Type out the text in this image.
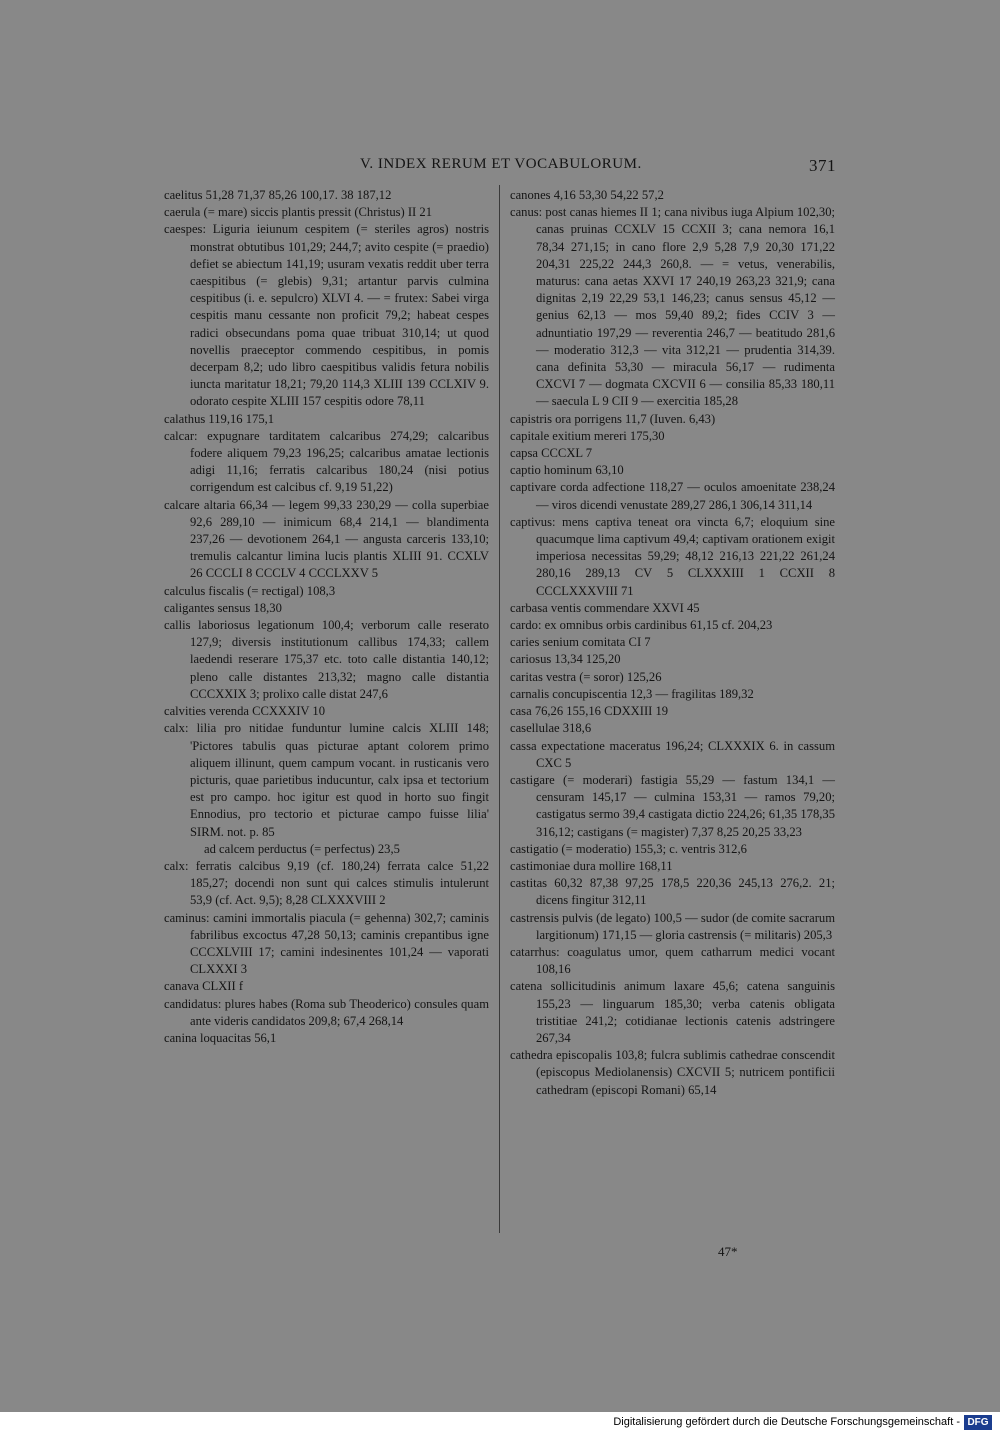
V. INDEX RERUM ET VOCABULORUM.	371

caelitus 51,28 71,37 85,26 100,17. 38 187,12

caerula (= mare) siccis plantis pressit (Christus) II 21

caespes: Liguria ieiunum cespitem (= steriles agros) nostris monstrat obtutibus 101,29; 244,7; avito cespite (= praedio) defiet se abiectum 141,19; usuram vexatis reddit uber terra caespitibus (= glebis) 9,31; artantur parvis culmina cespitibus (i. e. sepulcro) XLVI 4. — = frutex: Sabei virga cespitis manu cessante non proficit 79,2; habeat cespes radici obsecundans poma quae tribuat 310,14; ut quod novellis praeceptor commendo cespitibus, in pomis decerpam 8,2; udo libro caespitibus validis fetura nobilis iuncta maritatur 18,21; 79,20 114,3 XLIII 139 CCLXIV 9. odorato cespite XLIII 157 cespitis odore 78,11

calathus 119,16 175,1

calcar: expugnare tarditatem calcaribus 274,29; calcaribus fodere aliquem 79,23 196,25; calcaribus amatae lectionis adigi 11,16; ferratis calcaribus 180,24 (nisi potius corrigendum est calcibus cf. 9,19 51,22)

calcare altaria 66,34 — legem 99,33 230,29 — colla superbiae 92,6 289,10 — inimicum 68,4 214,1 — blandimenta 237,26 — devotionem 264,1 — angusta carceris 133,10; tremulis calcantur limina lucis plantis XLIII 91. CCXLV 26 CCCLI 8 CCCLV 4 CCCLXXV 5

calculus fiscalis (= rectigal) 108,3

caligantes sensus 18,30

callis laboriosus legationum 100,4; verborum calle reserato 127,9; diversis institutionum callibus 174,33; callem laedendi reserare 175,37 etc. toto calle distantia 140,12; pleno calle distantes 213,32; magno calle distantia CCCXXIX 3; prolixo calle distat 247,6

calvities verenda CCXXXIV 10

calx: lilia pro nitidae funduntur lumine calcis XLIII 148; 'Pictores tabulis quas picturae aptant colorem primo aliquem illinunt, quem campum vocant. in rusticanis vero picturis, quae parietibus inducuntur, calx ipsa et tectorium est pro campo. hoc igitur est quod in horto suo fingit Ennodius, pro tectorio et picturae campo fuisse lilia' SIRM. not. p. 85

ad calcem perductus (= perfectus) 23,5

calx: ferratis calcibus 9,19 (cf. 180,24) ferrata calce 51,22 185,27; docendi non sunt qui calces stimulis intulerunt 53,9 (cf. Act. 9,5); 8,28 CLXXXVIII 2

caminus: camini immortalis piacula (= gehenna) 302,7; caminis fabrilibus excoctus 47,28 50,13; caminis crepantibus igne CCCXLVIII 17; camini indesinentes 101,24 — vaporati CLXXXI 3

canava CLXII f

candidatus: plures habes (Roma sub Theoderico) consules quam ante videris candidatos 209,8; 67,4 268,14

canina loquacitas 56,1

canones 4,16 53,30 54,22 57,2

canus: post canas hiemes II 1; cana nivibus iuga Alpium 102,30; canas pruinas CCXLV 15 CCXII 3; cana nemora 16,1 78,34 271,15; in cano flore 2,9 5,28 7,9 20,30 171,22 204,31 225,22 244,3 260,8. — = vetus, venerabilis, maturus: cana aetas XXVI 17 240,19 263,23 321,9; cana dignitas 2,19 22,29 53,1 146,23; canus sensus 45,12 — genius 62,13 — mos 59,40 89,2; fides CCIV 3 — adnuntiatio 197,29 — reverentia 246,7 — beatitudo 281,6 — moderatio 312,3 — vita 312,21 — prudentia 314,39. cana definita 53,30 — miracula 56,17 — rudimenta CXCVI 7 — dogmata CXCVII 6 — consilia 85,33 180,11 — saecula L 9 CII 9 — exercitia 185,28

capistris ora porrigens 11,7 (Iuven. 6,43)

capitale exitium mereri 175,30

capsa CCCXL 7

captio hominum 63,10

captivare corda adfectione 118,27 — oculos amoenitate 238,24 — viros dicendi venustate 289,27 286,1 306,14 311,14

captivus: mens captiva teneat ora vincta 6,7; eloquium sine quacumque lima captivum 49,4; captivam orationem exigit imperiosa necessitas 59,29; 48,12 216,13 221,22 261,24 280,16 289,13 CV 5 CLXXXIII 1 CCXII 8 CCCLXXXVIII 71

carbasa ventis commendare XXVI 45

cardo: ex omnibus orbis cardinibus 61,15 cf. 204,23

caries senium comitata CI 7

cariosus 13,34 125,20

caritas vestra (= soror) 125,26

carnalis concupiscentia 12,3 — fragilitas 189,32

casa 76,26 155,16 CDXXIII 19

casellulae 318,6

cassa expectatione maceratus 196,24; CLXXXIX 6. in cassum CXC 5

castigare (= moderari) fastigia 55,29 — fastum 134,1 — censuram 145,17 — culmina 153,31 — ramos 79,20; castigatus sermo 39,4 castigata dictio 224,26; 61,35 178,35 316,12; castigans (= magister) 7,37 8,25 20,25 33,23

castigatio (= moderatio) 155,3; c. ventris 312,6

castimoniae dura mollire 168,11

castitas 60,32 87,38 97,25 178,5 220,36 245,13 276,2. 21; dicens fingitur 312,11

castrensis pulvis (de legato) 100,5 — sudor (de comite sacrarum largitionum) 171,15 — gloria castrensis (= militaris) 205,3

catarrhus: coagulatus umor, quem catharrum medici vocant 108,16

catena sollicitudinis animum laxare 45,6; catena sanguinis 155,23 — linguarum 185,30; verba catenis obligata tristitiae 241,2; cotidianae lectionis catenis adstringere 267,34

cathedra episcopalis 103,8; fulcra sublimis cathedrae conscendit (episcopus Mediolanensis) CXCVII 5; nutricem pontificii cathedram (episcopi Romani) 65,14

47*
Digitalisierung gefördert durch die Deutsche Forschungsgemeinschaft - DFG
